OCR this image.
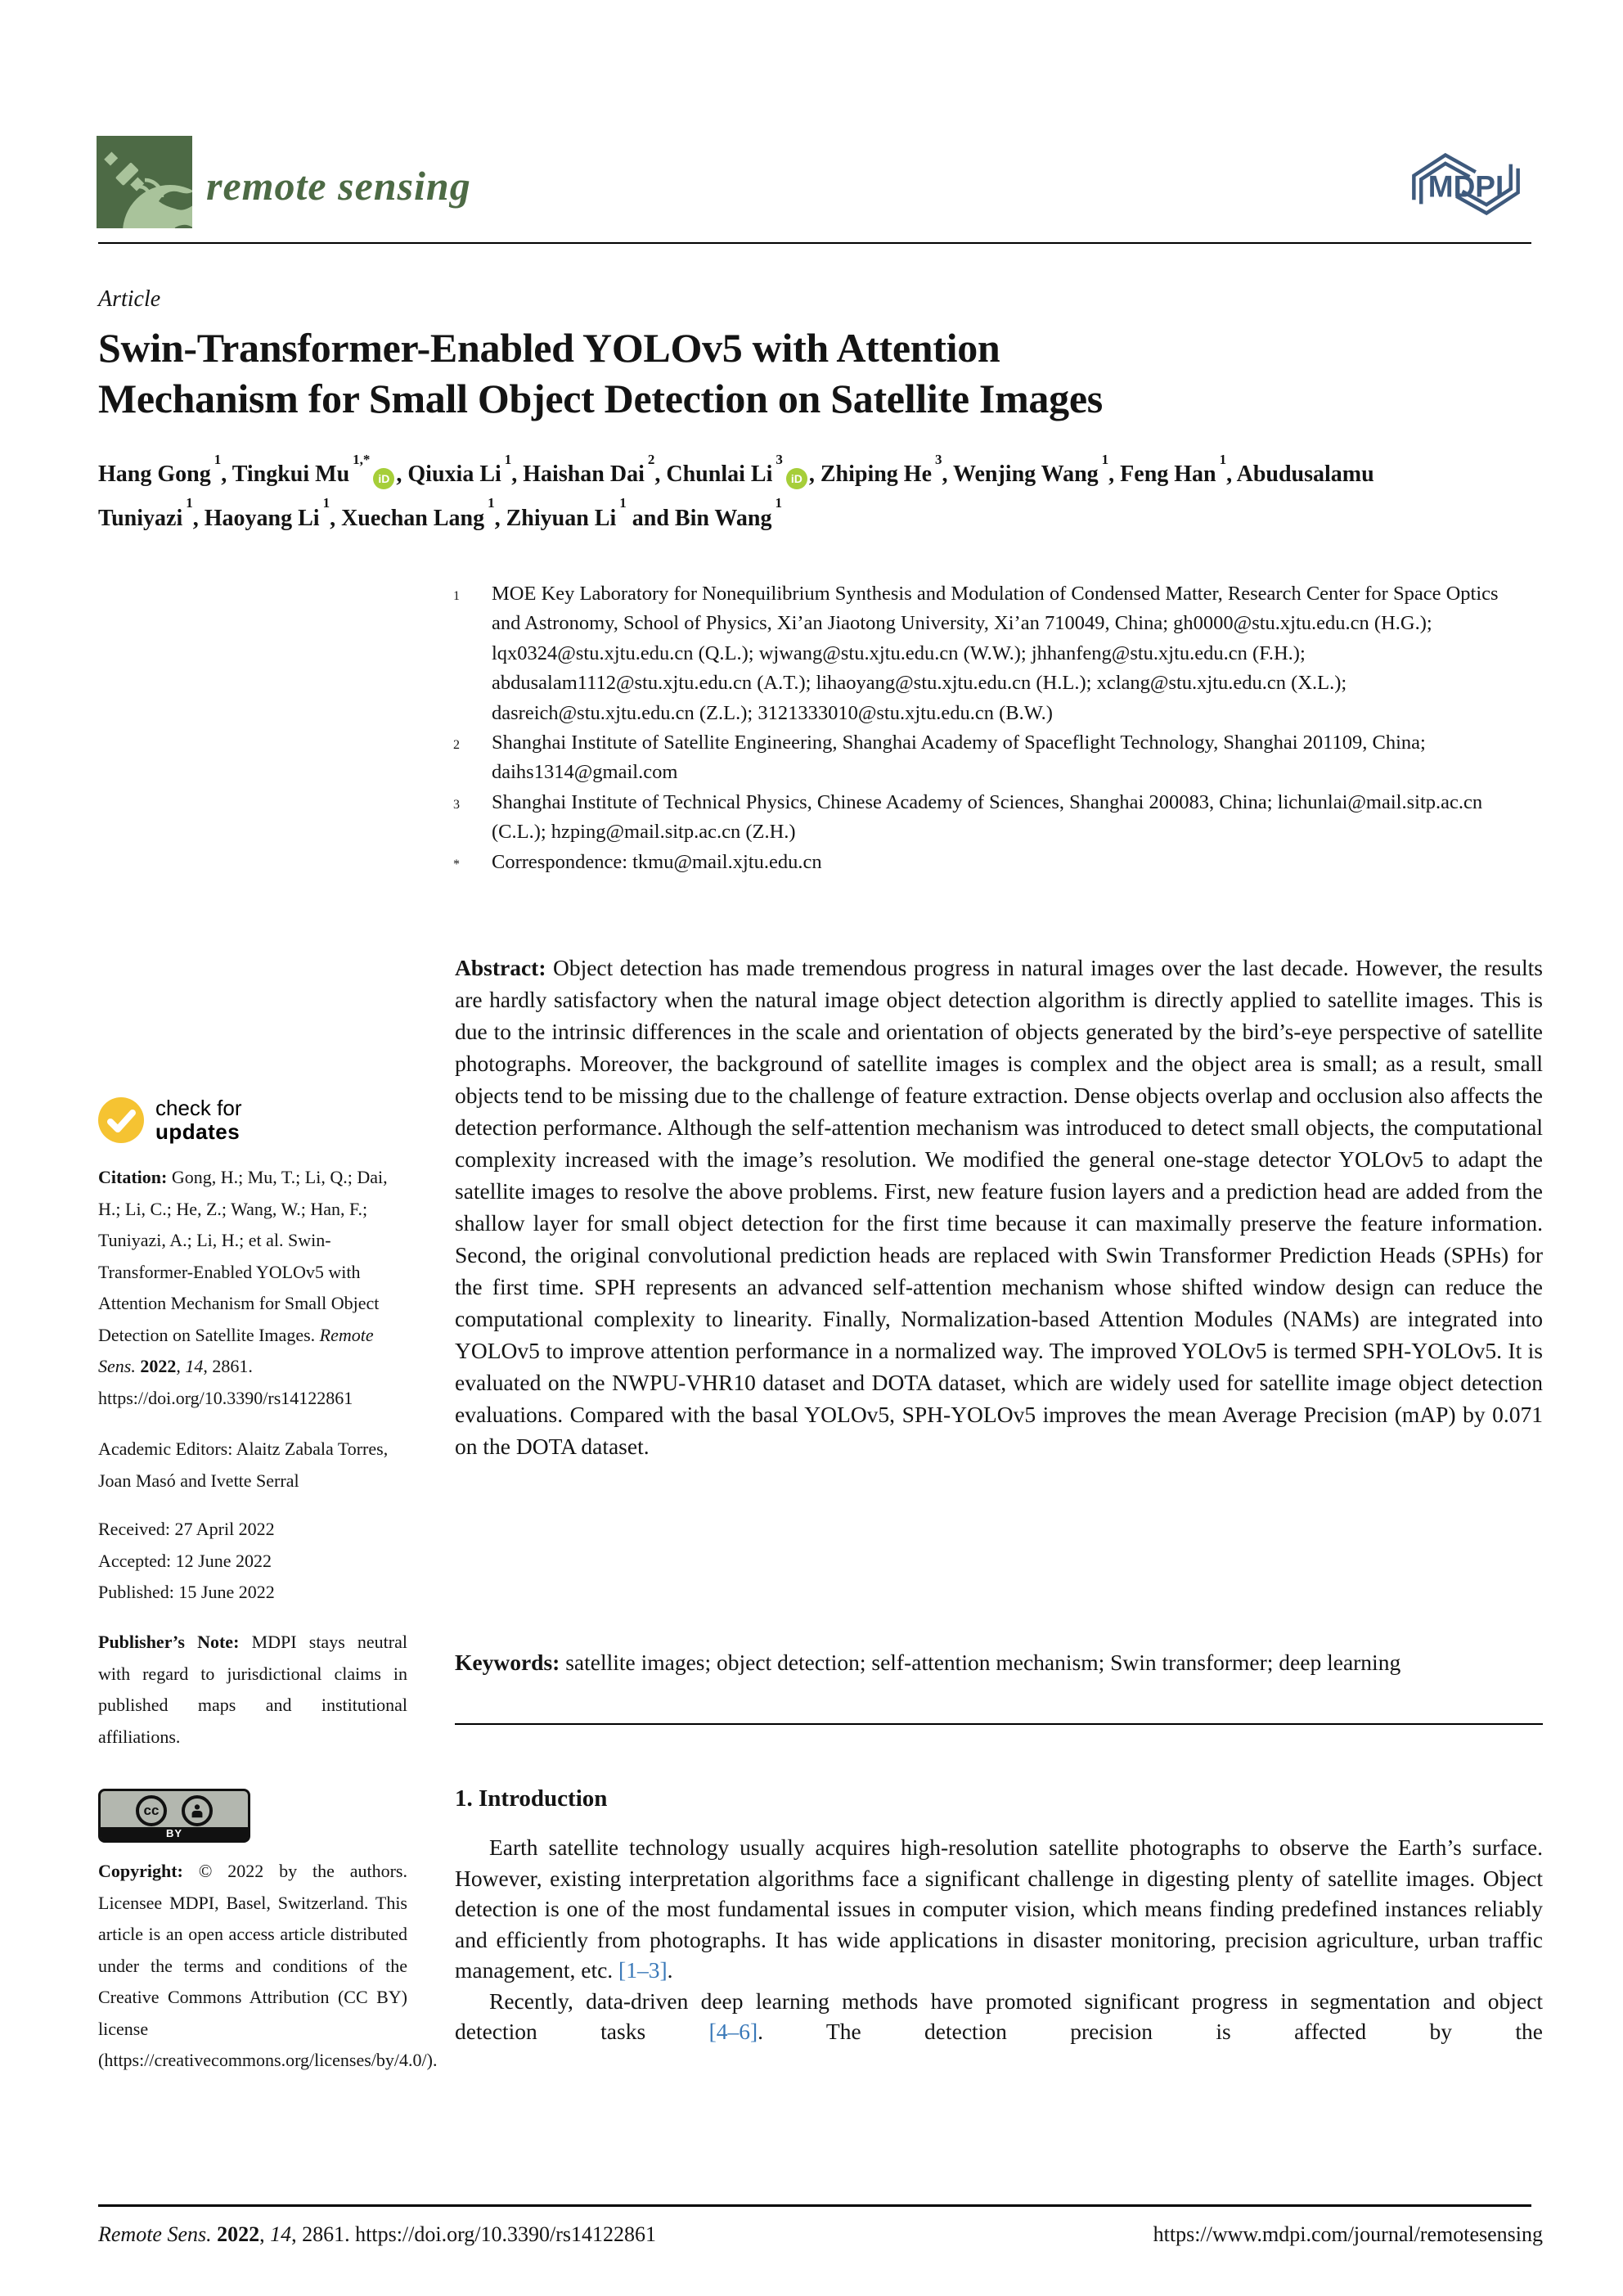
remote sensing	MDPI
Article
Swin-Transformer-Enabled YOLOv5 with Attention
Mechanism for Small Object Detection on Satellite Images
Hang Gong$^1$, Tingkui $Mu^{1,*}iD$ , Qiuxia Li$^1$, Haishan Dai$^2$, Chunlai Li$^3$iD , Zhiping He$^3$, Wenjing Wang$^1$, Feng Han$^1$, Abudusalamu Tuniyazi$^1$, Haoyang Li$^1$, Xuechan Lang$^1$, Zhiyuan Li$^1$ and Bin Wang$^1$
1	MOE Key Laboratory for Nonequilibrium Synthesis and Modulation of Condensed Matter, Research Center for Space Optics and Astronomy, School of Physics, Xi’an Jiaotong University, Xi’an 710049, China; gh0000@stu.xjtu.edu.cn (H.G.); lqx0324@stu.xjtu.edu.cn (Q.L.); wjwang@stu.xjtu.edu.cn (W.W.); jhhanfeng@stu.xjtu.edu.cn (F.H.); abdusalam1112@stu.xjtu.edu.cn (A.T.); lihaoyang@stu.xjtu.edu.cn (H.L.); xclang@stu.xjtu.edu.cn (X.L.); dasreich@stu.xjtu.edu.cn (Z.L.); 3121333010@stu.xjtu.edu.cn (B.W.)
2	Shanghai Institute of Satellite Engineering, Shanghai Academy of Spaceflight Technology, Shanghai 201109, China; daihs1314@gmail.com
3	Shanghai Institute of Technical Physics, Chinese Academy of Sciences, Shanghai 200083, China; lichunlai@mail.sitp.ac.cn (C.L.); hzping@mail.sitp.ac.cn (Z.H.)
*	Correspondence: tkmu@mail.xjtu.edu.cn
Abstract: Object detection has made tremendous progress in natural images over the last decade. However, the results are hardly satisfactory when the natural image object detection algorithm is directly applied to satellite images. This is due to the intrinsic differences in the scale and orientation of objects generated by the bird’s-eye perspective of satellite photographs. Moreover, the background of satellite images is complex and the object area is small; as a result, small objects tend to be missing due to the challenge of feature extraction. Dense objects overlap and occlusion also affects the detection performance. Although the self-attention mechanism was introduced to detect small objects, the computational complexity increased with the image’s resolution. We modified the general one-stage detector YOLOv5 to adapt the satellite images to resolve the above problems. First, new feature fusion layers and a prediction head are added from the shallow layer for small object detection for the first time because it can maximally preserve the feature information. Second, the original convolutional prediction heads are replaced with Swin Transformer Prediction Heads (SPHs) for the first time. SPH represents an advanced self-attention mechanism whose shifted window design can reduce the computational complexity to linearity. Finally, Normalization-based Attention Modules (NAMs) are integrated into YOLOv5 to improve attention performance in a normalized way. The improved YOLOv5 is termed SPH-YOLOv5. It is evaluated on the NWPU-VHR10 dataset and DOTA dataset, which are widely used for satellite image object detection evaluations. Compared with the basal YOLOv5, SPH-YOLOv5 improves the mean Average Precision (mAP) by 0.071 on the DOTA dataset.
Keywords: satellite images; object detection; self-attention mechanism; Swin transformer; deep learning
1. Introduction

Earth satellite technology usually acquires high-resolution satellite photographs to observe the Earth’s surface. However, existing interpretation algorithms face a significant challenge in digesting plenty of satellite images. Object detection is one of the most fundamental issues in computer vision, which means finding predefined instances reliably and efficiently from photographs. It has wide applications in disaster monitoring, precision agriculture, urban traffic management, etc. [1–3].

Recently, data-driven deep learning methods have promoted significant progress in segmentation and object detection tasks [4–6]. The detection precision is affected by the

check for
updates
Citation: Gong, H.; Mu, T.; Li, Q.; Dai, H.; Li, C.; He, Z.; Wang, W.; Han, F.; Tuniyazi, A.; Li, H.; et al. Swin-Transformer-Enabled YOLOv5 with Attention Mechanism for Small Object Detection on Satellite Images. Remote Sens. 2022, 14, 2861. https://doi.org/10.3390/rs14122861
Academic Editors: Alaitz Zabala Torres, Joan Masó and Ivette Serral
Received: 27 April 2022
Accepted: 12 June 2022
Published: 15 June 2022
Publisher’s Note: MDPI stays neutral with regard to jurisdictional claims in published maps and institutional affiliations.
cc
BY
Copyright: © 2022 by the authors. Licensee MDPI, Basel, Switzerland. This article is an open access article distributed under the terms and conditions of the Creative Commons Attribution (CC BY) license (https://creativecommons.org/licenses/by/4.0/).
Remote Sens. 2022, 14, 2861. https://doi.org/10.3390/rs14122861	https://www.mdpi.com/journal/remotesensing
